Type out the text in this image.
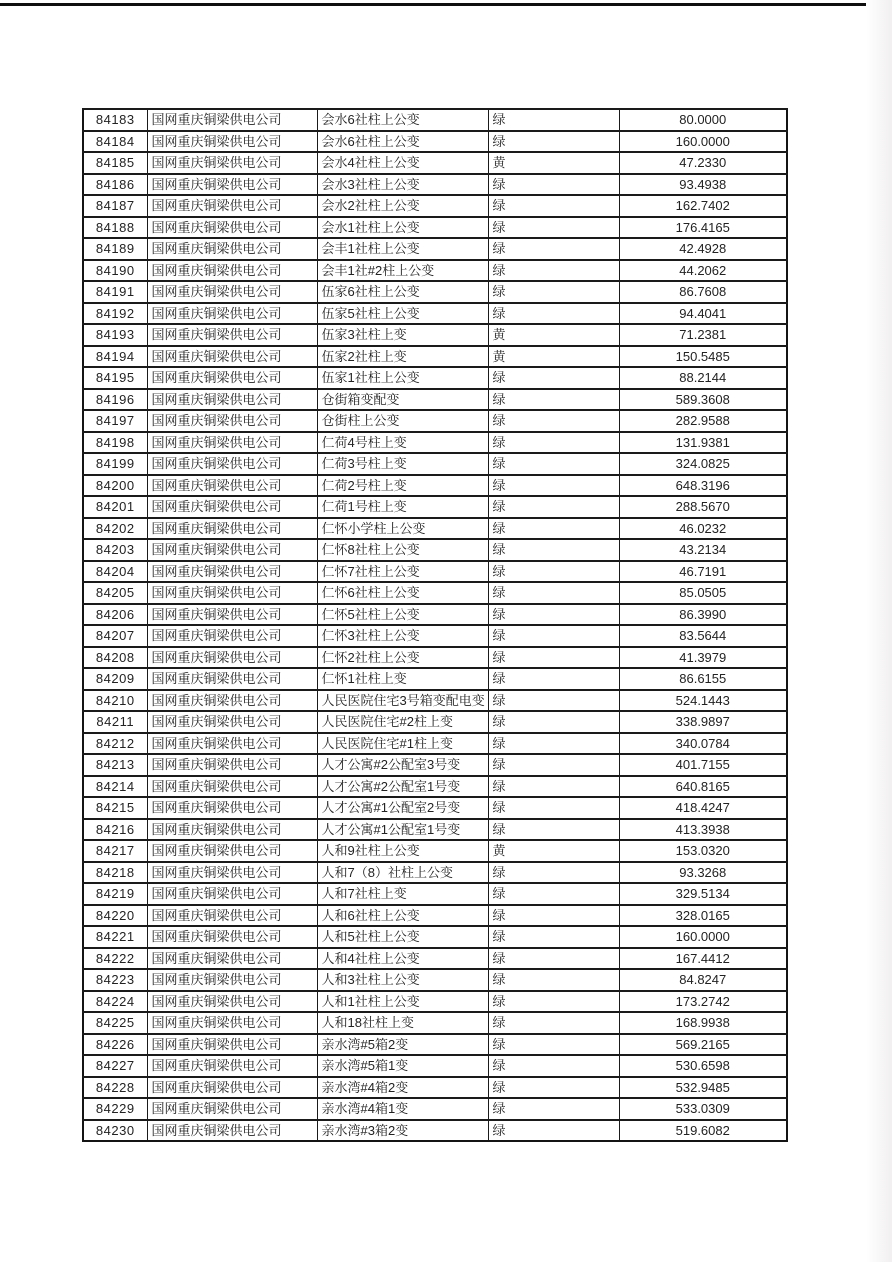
84183	国网重庆铜梁供电公司	会水6社柱上公变	绿	80.0000
84184	国网重庆铜梁供电公司	会水6社柱上公变	绿	160.0000
84185	国网重庆铜梁供电公司	会水4社柱上公变	黄	47.2330
84186	国网重庆铜梁供电公司	会水3社柱上公变	绿	93.4938
84187	国网重庆铜梁供电公司	会水2社柱上公变	绿	162.7402
84188	国网重庆铜梁供电公司	会水1社柱上公变	绿	176.4165
84189	国网重庆铜梁供电公司	会丰1社柱上公变	绿	42.4928
84190	国网重庆铜梁供电公司	会丰1社#2柱上公变	绿	44.2062
84191	国网重庆铜梁供电公司	伍家6社柱上公变	绿	86.7608
84192	国网重庆铜梁供电公司	伍家5社柱上公变	绿	94.4041
84193	国网重庆铜梁供电公司	伍家3社柱上变	黄	71.2381
84194	国网重庆铜梁供电公司	伍家2社柱上变	黄	150.5485
84195	国网重庆铜梁供电公司	伍家1社柱上公变	绿	88.2144
84196	国网重庆铜梁供电公司	仓街箱变配变	绿	589.3608
84197	国网重庆铜梁供电公司	仓街柱上公变	绿	282.9588
84198	国网重庆铜梁供电公司	仁荷4号柱上变	绿	131.9381
84199	国网重庆铜梁供电公司	仁荷3号柱上变	绿	324.0825
84200	国网重庆铜梁供电公司	仁荷2号柱上变	绿	648.3196
84201	国网重庆铜梁供电公司	仁荷1号柱上变	绿	288.5670
84202	国网重庆铜梁供电公司	仁怀小学柱上公变	绿	46.0232
84203	国网重庆铜梁供电公司	仁怀8社柱上公变	绿	43.2134
84204	国网重庆铜梁供电公司	仁怀7社柱上公变	绿	46.7191
84205	国网重庆铜梁供电公司	仁怀6社柱上公变	绿	85.0505
84206	国网重庆铜梁供电公司	仁怀5社柱上公变	绿	86.3990
84207	国网重庆铜梁供电公司	仁怀3社柱上公变	绿	83.5644
84208	国网重庆铜梁供电公司	仁怀2社柱上公变	绿	41.3979
84209	国网重庆铜梁供电公司	仁怀1社柱上变	绿	86.6155
84210	国网重庆铜梁供电公司	人民医院住宅3号箱变配电变	绿	524.1443
84211	国网重庆铜梁供电公司	人民医院住宅#2柱上变	绿	338.9897
84212	国网重庆铜梁供电公司	人民医院住宅#1柱上变	绿	340.0784
84213	国网重庆铜梁供电公司	人才公寓#2公配室3号变	绿	401.7155
84214	国网重庆铜梁供电公司	人才公寓#2公配室1号变	绿	640.8165
84215	国网重庆铜梁供电公司	人才公寓#1公配室2号变	绿	418.4247
84216	国网重庆铜梁供电公司	人才公寓#1公配室1号变	绿	413.3938
84217	国网重庆铜梁供电公司	人和9社柱上公变	黄	153.0320
84218	国网重庆铜梁供电公司	人和7（8）社柱上公变	绿	93.3268
84219	国网重庆铜梁供电公司	人和7社柱上变	绿	329.5134
84220	国网重庆铜梁供电公司	人和6社柱上公变	绿	328.0165
84221	国网重庆铜梁供电公司	人和5社柱上公变	绿	160.0000
84222	国网重庆铜梁供电公司	人和4社柱上公变	绿	167.4412
84223	国网重庆铜梁供电公司	人和3社柱上公变	绿	84.8247
84224	国网重庆铜梁供电公司	人和1社柱上公变	绿	173.2742
84225	国网重庆铜梁供电公司	人和18社柱上变	绿	168.9938
84226	国网重庆铜梁供电公司	亲水湾#5箱2变	绿	569.2165
84227	国网重庆铜梁供电公司	亲水湾#5箱1变	绿	530.6598
84228	国网重庆铜梁供电公司	亲水湾#4箱2变	绿	532.9485
84229	国网重庆铜梁供电公司	亲水湾#4箱1变	绿	533.0309
84230	国网重庆铜梁供电公司	亲水湾#3箱2变	绿	519.6082
